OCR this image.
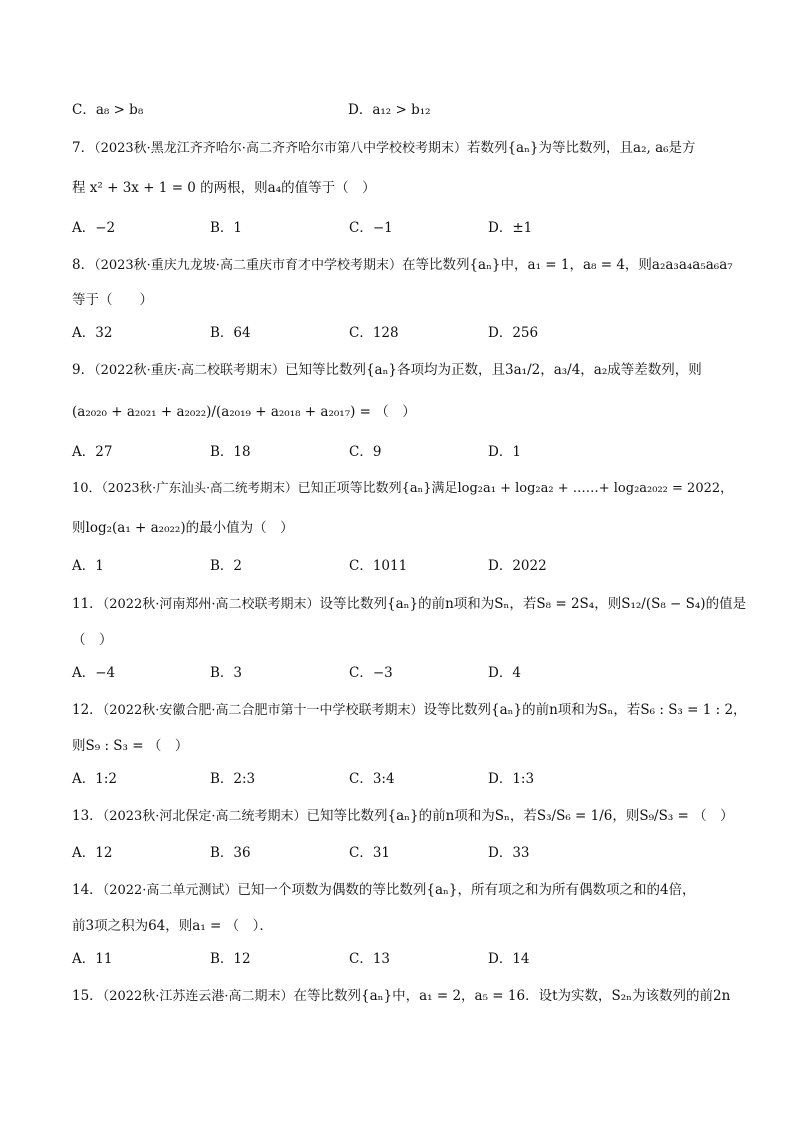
C．a₈ > b₈	D．a₁₂ > b₁₂
7．（2023秋·黑龙江齐齐哈尔·高二齐齐哈尔市第八中学校校考期末）若数列{aₙ}为等比数列，且a₂, a₆是方
程 x² + 3x + 1 = 0 的两根，则a₄的值等于（　）
A．−2	B．1	C．−1	D．±1
8．（2023秋·重庆九龙坡·高二重庆市育才中学校考期末）在等比数列{aₙ}中，a₁ = 1，a₈ = 4，则a₂a₃a₄a₅a₆a₇
等于（　　）
A．32	B．64	C．128	D．256
9．（2022秋·重庆·高二校联考期末）已知等比数列{aₙ}各项均为正数，且3a₁/2，a₃/4，a₂成等差数列，则
(a₂₀₂₀ + a₂₀₂₁ + a₂₀₂₂)/(a₂₀₁₉ + a₂₀₁₈ + a₂₀₁₇) = （　）
A．27	B．18	C．9	D．1
10．（2023秋·广东汕头·高二统考期末）已知正项等比数列{aₙ}满足log₂a₁ + log₂a₂ + ……+ log₂a₂₀₂₂ = 2022，
则log₂(a₁ + a₂₀₂₂)的最小值为（　）
A．1	B．2	C．1011	D．2022
11．（2022秋·河南郑州·高二校联考期末）设等比数列{aₙ}的前n项和为Sₙ，若S₈ = 2S₄，则S₁₂/(S₈ − S₄)的值是
（　）
A．−4	B．3	C．−3	D．4
12．（2022秋·安徽合肥·高二合肥市第十一中学校联考期末）设等比数列{aₙ}的前n项和为Sₙ，若S₆ : S₃ = 1 : 2，
则S₉ : S₃ = （　）
A．1:2	B．2:3	C．3:4	D．1:3
13．（2023秋·河北保定·高二统考期末）已知等比数列{aₙ}的前n项和为Sₙ，若S₃/S₆ = 1/6，则S₉/S₃ = （　）
A．12	B．36	C．31	D．33
14．（2022·高二单元测试）已知一个项数为偶数的等比数列{aₙ}，所有项之和为所有偶数项之和的4倍，
前3项之积为64，则a₁ = （　）．
A．11	B．12	C．13	D．14
15．（2022秋·江苏连云港·高二期末）在等比数列{aₙ}中，a₁ = 2，a₅ = 16．设t为实数，S₂ₙ为该数列的前2n
